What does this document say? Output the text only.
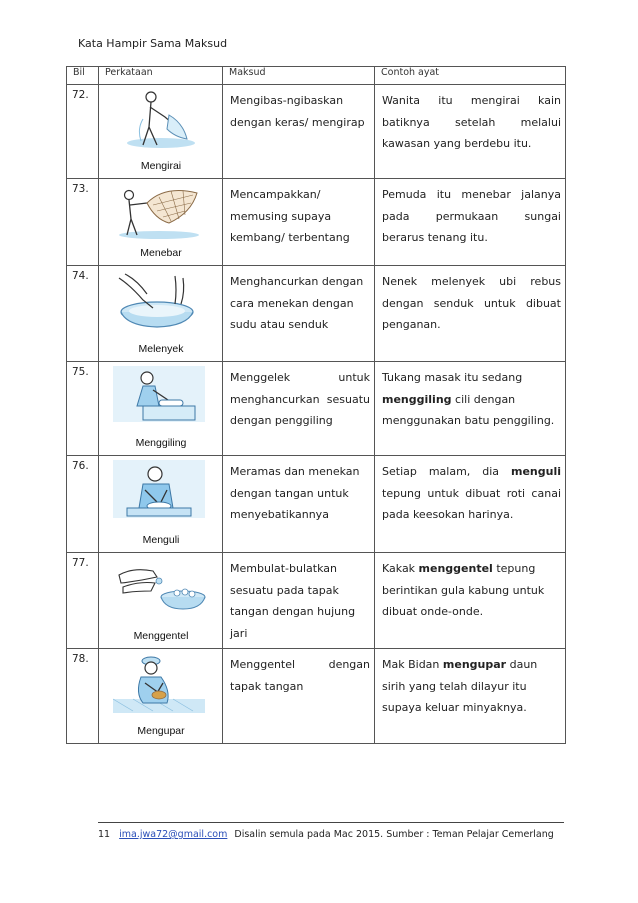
Kata Hampir Sama Maksud
Bil	Perkataan	Maksud	Contoh ayat
72.	Mengirai	Mengibas-ngibaskan dengan keras/ mengirap	Wanita itu mengirai kain batiknya setelah melalui kawasan yang berdebu itu.
73.	Menebar	Mencampakkan/ memusing supaya kembang/ terbentang	Pemuda itu menebar jalanya pada permukaan sungai berarus tenang itu.
74.	Melenyek	Menghancurkan dengan cara menekan dengan sudu atau senduk	Nenek melenyek ubi rebus dengan senduk untuk dibuat penganan.
75.	Menggiling	Menggelek untuk menghancurkan sesuatu dengan penggiling	Tukang masak itu sedang menggiling cili dengan menggunakan batu penggiling.
76.	Menguli	Meramas dan menekan dengan tangan untuk menyebatikannya	Setiap malam, dia menguli tepung untuk dibuat roti canai pada keesokan harinya.
77.	Menggentel	Membulat-bulatkan sesuatu pada tapak tangan dengan hujung jari	Kakak menggentel tepung berintikan gula kabung untuk dibuat onde-onde.
78.	Mengupar	Menggentel dengan tapak tangan	Mak Bidan mengupar daun sirih yang telah dilayur itu supaya keluar minyaknya.
11 ima.jwa72@gmail.com Disalin semula pada Mac 2015. Sumber : Teman Pelajar Cemerlang
